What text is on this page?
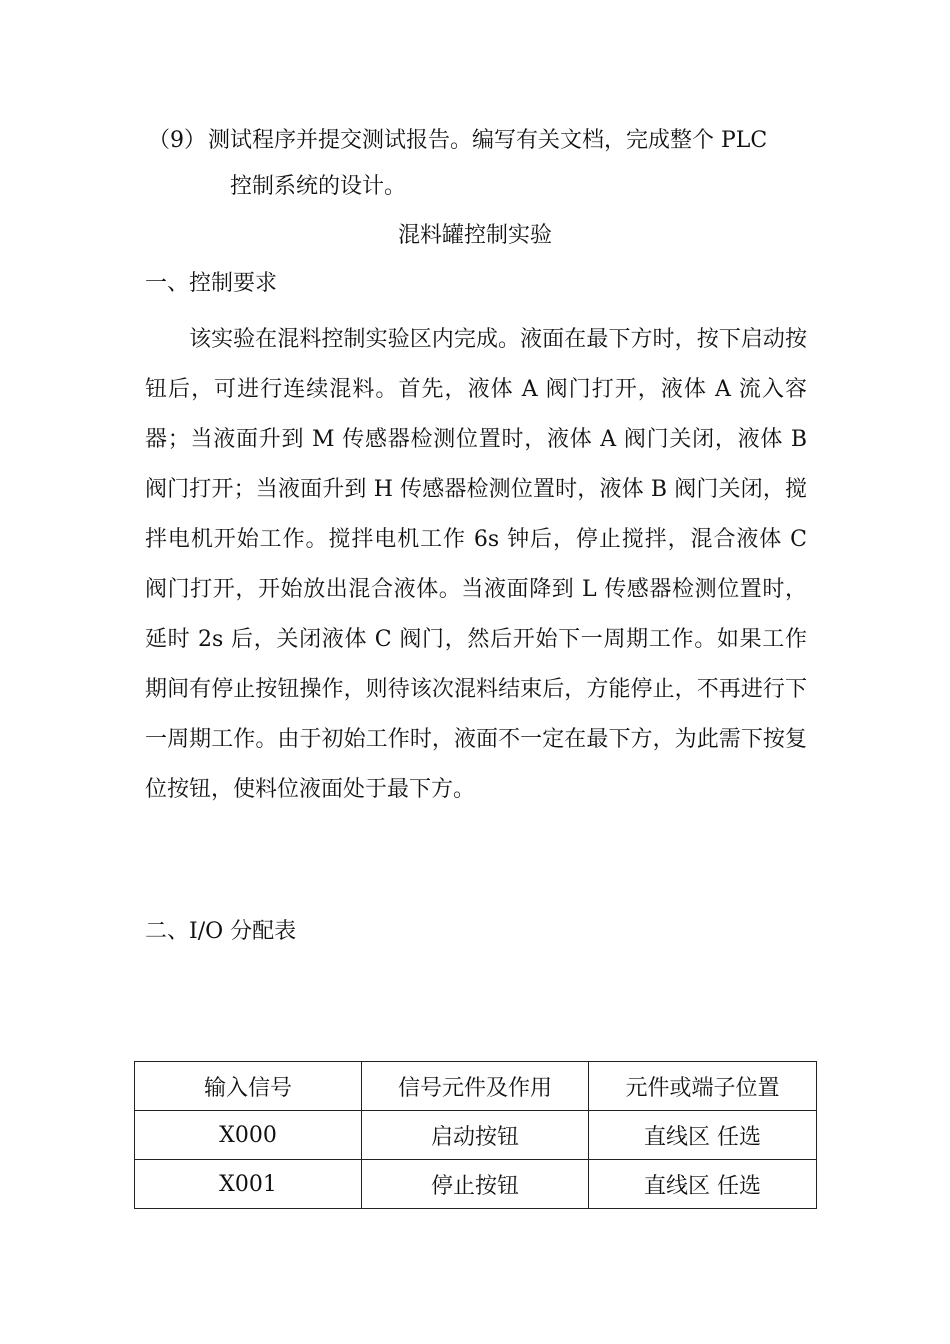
（9）测试程序并提交测试报告。编写有关文档，完成整个 PLC
控制系统的设计。
混料罐控制实验
一、控制要求
该实验在混料控制实验区内完成。液面在最下方时，按下启动按钮后，可进行连续混料。首先，液体 A 阀门打开，液体 A 流入容器；当液面升到 M 传感器检测位置时，液体 A 阀门关闭，液体 B 阀门打开；当液面升到 H 传感器检测位置时，液体 B 阀门关闭，搅拌电机开始工作。搅拌电机工作 6s 钟后，停止搅拌，混合液体 C 阀门打开，开始放出混合液体。当液面降到 L 传感器检测位置时，延时 2s 后，关闭液体 C 阀门，然后开始下一周期工作。如果工作期间有停止按钮操作，则待该次混料结束后，方能停止，不再进行下一周期工作。由于初始工作时，液面不一定在最下方，为此需下按复位按钮，使料位液面处于最下方。
二、I/O 分配表
输入信号	信号元件及作用	元件或端子位置
X000	启动按钮	直线区 任选
X001	停止按钮	直线区 任选
